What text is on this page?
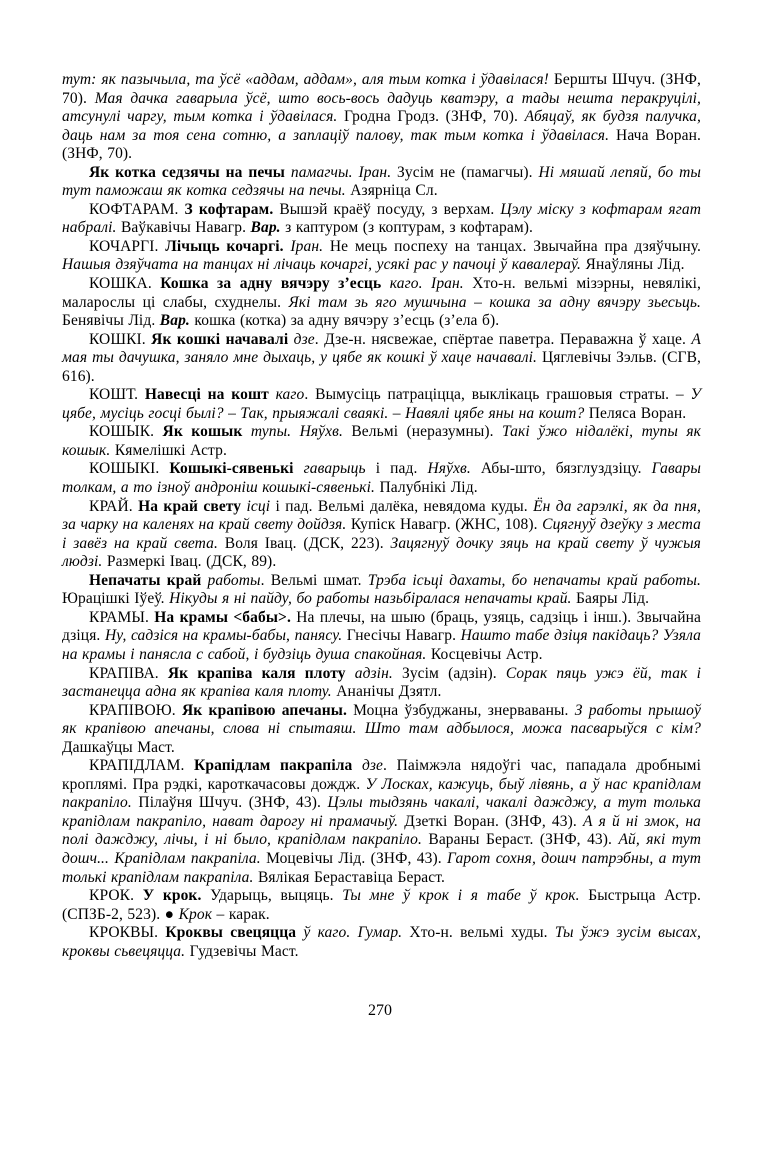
тут: як пазычыла, та ўсё «аддам, аддам», аля тым котка і ўдавілася! Бершты Шчуч. (ЗНФ, 70). Мая дачка гаварыла ўсё, што вось-вось дадуць кватэру, а тады нешта перакруцілі, атсунулі чаргу, тым котка і ўдавілася. Гродна Гродз. (ЗНФ, 70). Абяцаў, як будзя палучка, даць нам за тоя сена сотню, а заплаціў палову, так тым котка і ўдавілася. Нача Воран. (ЗНФ, 70).

Як котка седзячы на печы памагчы. Іран. Зусім не (памагчы). Ні мяшай лепяй, бо ты тут паможаш як котка седзячы на печы. Азярніца Сл.

КОФТАРАМ. З кофтарам. Вышэй краёў посуду, з верхам. Цэлу міску з кофтарам ягат набралі. Ваўкавічы Навагр. Вар. з каптуром (з коптурам, з кофтарам).

КОЧАРГІ. Лічыць кочаргі. Іран. Не мець поспеху на танцах. Звычайна пра дзяўчыну. Нашыя дзяўчата на танцах ні лічаць кочаргі, усякі рас у пачоці ў кавалераў. Янаўляны Лід.

КОШКА. Кошка за адну вячэру з’есць каго. Іран. Хто-н. вельмі мізэрны, невялікі, маларослы ці слабы, схуднелы. Які там зь яго мушчына – кошка за адну вячэру зьесьць. Бенявічы Лід. Вар. кошка (котка) за адну вячэру з’есць (з’ела б).

КОШКІ. Як кошкі начавалі дзе. Дзе-н. нясвежае, спёртае паветра. Пераважна ў хаце. А мая ты дачушка, заняло мне дыхаць, у цябе як кошкі ў хаце начавалі. Цяглевічы Зэльв. (СГВ, 616).

КОШТ. Навесці на кошт каго. Вымусіць патраціцца, выклікаць грашовыя страты. – У цябе, мусіць госці былі? – Так, прыяжалі сваякі. – Навялі цябе яны на кошт? Пеляса Воран.

КОШЫК. Як кошык тупы. Няўхв. Вельмі (неразумны). Такі ўжо нідалёкі, тупы як кошык. Кямелішкі Астр.

КОШЫКІ. Кошыкі-сявенькі гаварыць і пад. Няўхв. Абы-што, бязглуздзіцу. Гавары толкам, а то ізноў андроніш кошыкі-сявенькі. Палубнікі Лід.

КРАЙ. На край свету ісці і пад. Вельмі далёка, невядома куды. Ён да гарэлкі, як да пня, за чарку на каленях на край свету дойдзя. Купіск Навагр. (ЖНС, 108). Сцягнуў дзеўку з места і завёз на край света. Воля Івац. (ДСК, 223). Зацягнуў дочку зяць на край свету ў чужыя людзі. Размеркі Івац. (ДСК, 89).

Непачаты край работы. Вельмі шмат. Трэба ісьці дахаты, бо непачаты край работы. Юрацішкі Іўеў. Нікуды я ні пайду, бо работы назьбіралася непачаты край. Баяры Лід.

КРАМЫ. На крамы <бабы>. На плечы, на шыю (браць, узяць, садзіць і інш.). Звычайна дзіця. Ну, садзіся на крамы-бабы, панясу. Гнесічы Навагр. Нашто табе дзіця пакідаць? Узяла на крамы і панясла с сабой, і будзіць душа спакойная. Косцевічы Астр.

КРАПІВА. Як крапіва каля плоту адзін. Зусім (адзін). Сорак пяць ужэ ёй, так і застанецца адна як крапіва каля плоту. Ананічы Дзятл.

КРАПІВОЮ. Як крапівою апечаны. Моцна ўзбуджаны, знерваваны. З работы прышоў як крапівою апечаны, слова ні спытаяш. Што там адбылося, можа пасварыўся с кім? Дашкаўцы Маст.

КРАПІДЛАМ. Крапідлам пакрапіла дзе. Паімжэла нядоўгі час, пападала дробнымі кроплямі. Пра рэдкі, кароткачасовы дождж. У Лосках, кажуць, быў лівянь, а ў нас крапідлам пакрапіло. Пілаўня Шчуч. (ЗНФ, 43). Цэлы тыдзянь чакалі, чакалі дажджу, а тут толька крапідлам пакрапіло, нават дарогу ні прамачыў. Дзеткі Воран. (ЗНФ, 43). А я й ні змок, на полі дажджу, лічы, і ні было, крапідлам пакрапіло. Вараны Бераст. (ЗНФ, 43). Ай, які тут дошч... Крапідлам пакрапіла. Моцевічы Лід. (ЗНФ, 43). Гарот сохня, дошч патрэбны, а тут толькі крапідлам пакрапіла. Вялікая Бераставіца Бераст.

КРОК. У крок. Ударыць, выцяць. Ты мне ў крок і я табе ў крок. Быстрыца Астр. (СПЗБ-2, 523). ● Крок – карак.

КРОКВЫ. Кроквы свецяцца ў каго. Гумар. Хто-н. вельмі худы. Ты ўжэ зусім высах, кроквы сьвецяцца. Гудзевічы Маст.

270
